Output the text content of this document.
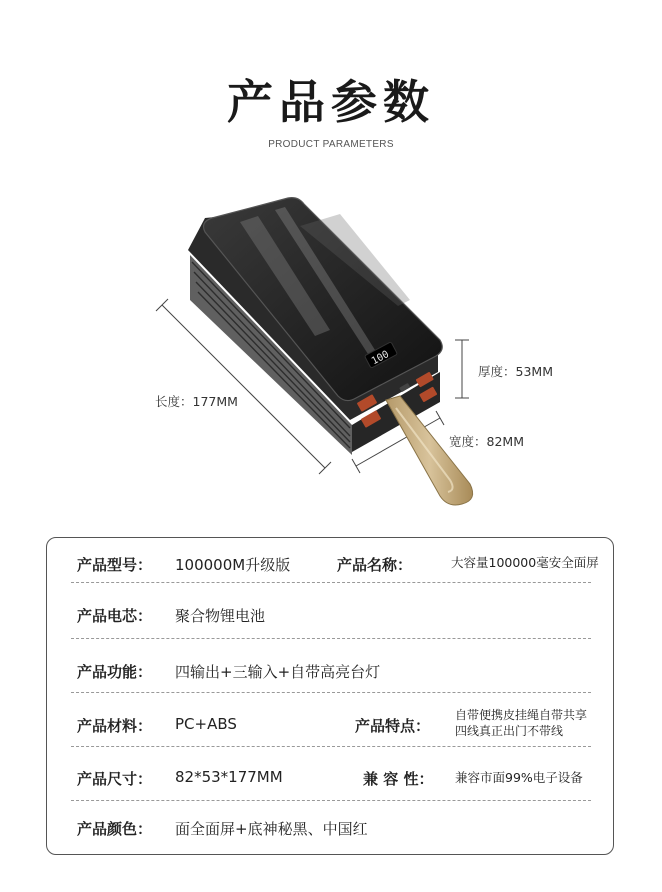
产品参数
PRODUCT PARAMETERS
100
长度：177MM
厚度：53MM
宽度：82MM
产品型号： 100000M升级版	产品名称：	大容量100000毫安全面屏
产品电芯： 聚合物锂电池
产品功能： 四输出+三输入+自带高亮台灯
产品材料： PC+ABS	产品特点：
自带便携皮挂绳自带共享
四线真正出门不带线
产品尺寸： 82*53*177MM	兼 容 性： 兼容市面99%电子设备
产品颜色： 面全面屏+底神秘黑、中国红
